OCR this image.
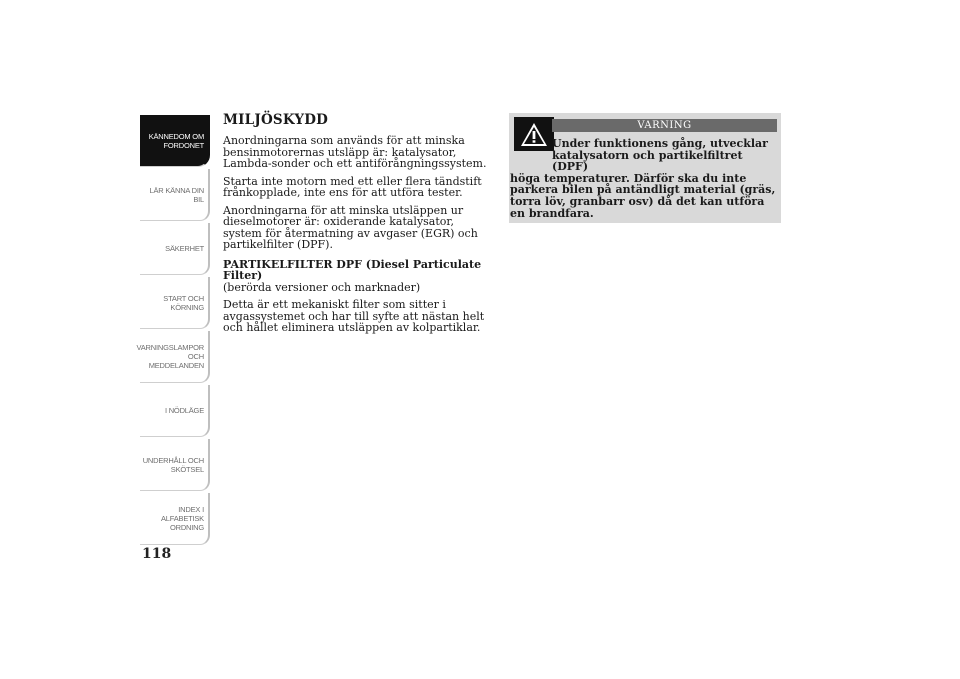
KÄNNEDOM OM
FORDONET
LÄR KÄNNA DIN
BIL
SÄKERHET
START OCH
KÖRNING
VARNINGSLAMPOR
OCH
MEDDELANDEN
I NÖDLÄGE
UNDERHÅLL OCH
SKÖTSEL
INDEX I
ALFABETISK
ORDNING
118
MILJÖSKYDD

Anordningarna som används för att minska bensinmotorernas utsläpp är: katalysator, Lambda-sonder och ett antiförångningssystem.

Starta inte motorn med ett eller flera tändstift frånkopplade, inte ens för att utföra tester.

Anordningarna för att minska utsläppen ur dieselmotorer är: oxiderande katalysator, system för återmatning av avgaser (EGR) och partikelfilter (DPF).

PARTIKELFILTER DPF (Diesel Particulate Filter)

(berörda versioner och marknader)

Detta är ett mekaniskt filter som sitter i avgassystemet och har till syfte att nästan helt och hållet eliminera utsläppen av kolpartiklar.

VARNING
Under funktionens gång, utvecklar katalysatorn och partikelfiltret (DPF)
höga temperaturer. Därför ska du inte parkera bilen på antändligt material (gräs, torra löv, granbarr osv) då det kan utföra en brandfara.
